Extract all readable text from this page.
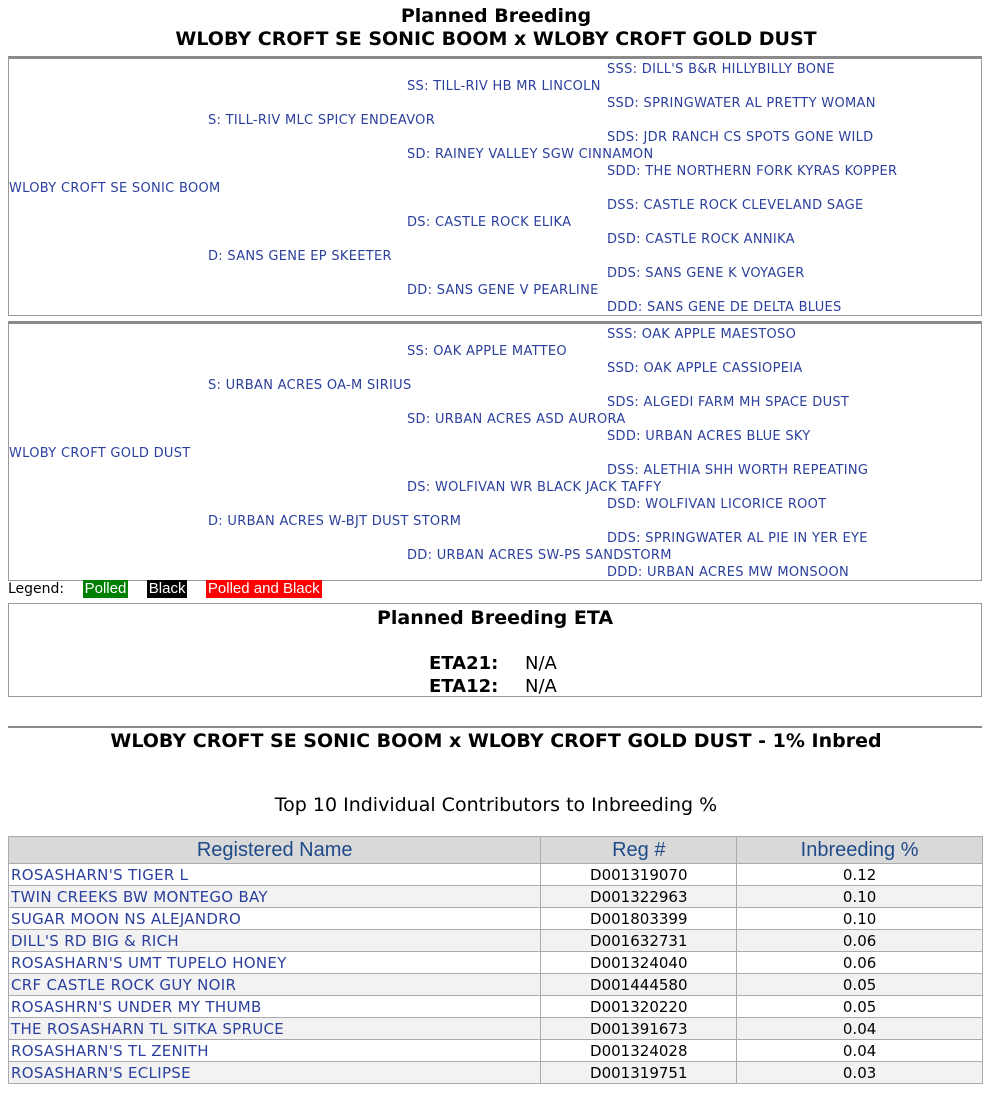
Planned Breeding
WLOBY CROFT SE SONIC BOOM x WLOBY CROFT GOLD DUST
SSS: DILL'S B&R HILLYBILLY BONE
SS: TILL-RIV HB MR LINCOLN
SSD: SPRINGWATER AL PRETTY WOMAN
S: TILL-RIV MLC SPICY ENDEAVOR
SDS: JDR RANCH CS SPOTS GONE WILD
SD: RAINEY VALLEY SGW CINNAMON
SDD: THE NORTHERN FORK KYRAS KOPPER
WLOBY CROFT SE SONIC BOOM
DSS: CASTLE ROCK CLEVELAND SAGE
DS: CASTLE ROCK ELIKA
DSD: CASTLE ROCK ANNIKA
D: SANS GENE EP SKEETER
DDS: SANS GENE K VOYAGER
DD: SANS GENE V PEARLINE
DDD: SANS GENE DE DELTA BLUES
SSS: OAK APPLE MAESTOSO
SS: OAK APPLE MATTEO
SSD: OAK APPLE CASSIOPEIA
S: URBAN ACRES OA-M SIRIUS
SDS: ALGEDI FARM MH SPACE DUST
SD: URBAN ACRES ASD AURORA
SDD: URBAN ACRES BLUE SKY
WLOBY CROFT GOLD DUST
DSS: ALETHIA SHH WORTH REPEATING
DS: WOLFIVAN WR BLACK JACK TAFFY
DSD: WOLFIVAN LICORICE ROOT
D: URBAN ACRES W-BJT DUST STORM
DDS: SPRINGWATER AL PIE IN YER EYE
DD: URBAN ACRES SW-PS SANDSTORM
DDD: URBAN ACRES MW MONSOON
Legend: Polled Black Polled and Black
Planned Breeding ETA
ETA21: N/A
ETA12: N/A
WLOBY CROFT SE SONIC BOOM x WLOBY CROFT GOLD DUST - 1% Inbred
Top 10 Individual Contributors to Inbreeding %
Registered Name	Reg #	Inbreeding %
ROSASHARN'S TIGER L	D001319070	0.12
TWIN CREEKS BW MONTEGO BAY	D001322963	0.10
SUGAR MOON NS ALEJANDRO	D001803399	0.10
DILL'S RD BIG & RICH	D001632731	0.06
ROSASHARN'S UMT TUPELO HONEY	D001324040	0.06
CRF CASTLE ROCK GUY NOIR	D001444580	0.05
ROSASHRN'S UNDER MY THUMB	D001320220	0.05
THE ROSASHARN TL SITKA SPRUCE	D001391673	0.04
ROSASHARN'S TL ZENITH	D001324028	0.04
ROSASHARN'S ECLIPSE	D001319751	0.03
